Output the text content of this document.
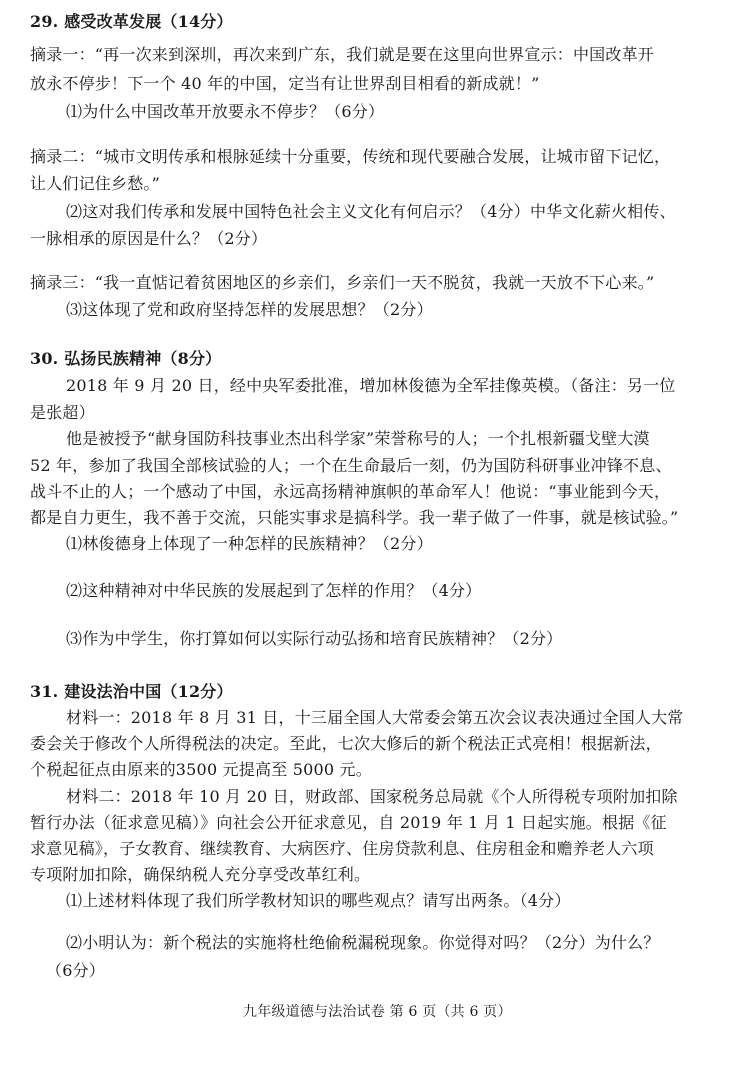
29. 感受改革发展（14分）
摘录一：“再一次来到深圳，再次来到广东，我们就是要在这里向世界宣示：中国改革开
放永不停步！下一个 40 年的中国，定当有让世界刮目相看的新成就！”
⑴为什么中国改革开放要永不停步？（6分）
摘录二：“城市文明传承和根脉延续十分重要，传统和现代要融合发展，让城市留下记忆，
让人们记住乡愁。”
⑵这对我们传承和发展中国特色社会主义文化有何启示？（4分）中华文化薪火相传、
一脉相承的原因是什么？（2分）
摘录三：“我一直惦记着贫困地区的乡亲们，乡亲们一天不脱贫，我就一天放不下心来。”
⑶这体现了党和政府坚持怎样的发展思想？（2分）
30. 弘扬民族精神（8分）
2018 年 9 月 20 日，经中央军委批准，增加林俊德为全军挂像英模。（备注：另一位
是张超）
他是被授予“献身国防科技事业杰出科学家”荣誉称号的人；一个扎根新疆戈壁大漠
52 年，参加了我国全部核试验的人；一个在生命最后一刻，仍为国防科研事业冲锋不息、
战斗不止的人；一个感动了中国，永远高扬精神旗帜的革命军人！他说：“事业能到今天，
都是自力更生，我不善于交流，只能实事求是搞科学。我一辈子做了一件事，就是核试验。”
⑴林俊德身上体现了一种怎样的民族精神？（2分）
⑵这种精神对中华民族的发展起到了怎样的作用？（4分）
⑶作为中学生，你打算如何以实际行动弘扬和培育民族精神？（2分）
31. 建设法治中国（12分）
材料一：2018 年 8 月 31 日，十三届全国人大常委会第五次会议表决通过全国人大常
委会关于修改个人所得税法的决定。至此，七次大修后的新个税法正式亮相！根据新法，
个税起征点由原来的3500 元提高至 5000 元。
材料二：2018 年 10 月 20 日，财政部、国家税务总局就《个人所得税专项附加扣除
暂行办法（征求意见稿）》向社会公开征求意见，自 2019 年 1 月 1 日起实施。根据《征
求意见稿》，子女教育、继续教育、大病医疗、住房贷款利息、住房租金和赡养老人六项
专项附加扣除，确保纳税人充分享受改革红利。
⑴上述材料体现了我们所学教材知识的哪些观点？请写出两条。（4分）
⑵小明认为：新个税法的实施将杜绝偷税漏税现象。你觉得对吗？（2分）为什么？
（6分）
九年级道德与法治试卷 第 6 页（共 6 页）
